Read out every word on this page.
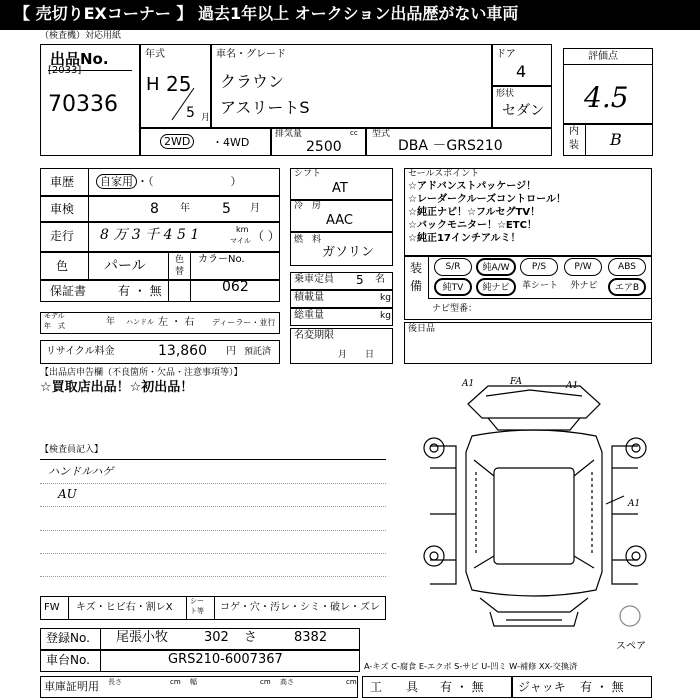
【 売切りEXコーナー 】 過去1年以上 オークション出品歴がない車両
（検査機）対応用紙
出品No.
[2033]
70336
年式
H 25
5 月
車名・グレード
クラウン
アスリートS
ドア
4
形状
セダン
評価点
4.5
内
装 B
2WD	・4WD
排気量	cc
2500
型式
DBA －GRS210
車歴	自家用 ・（　　　　　　　）
車検	8 年 5 月
走行 8 万 3 千 4 5 1	km
マイル （ ）
色	パール	色
替
カラーNo.
062
保証書	有 ・ 無
モデル
年　式	年 ハンドル 左 ・ 右 ディーラー・並行
リサイクル料金	13,860 円 預託済
シフト
AT
冷　房
AAC
燃　料
ガソリン
乗車定員 5 名
積載量	kg
総重量	kg
名変期限
月　　日
セールスポイント
☆アドバンストパッケージ！
☆レーダークルーズコントロール！
☆純正ナビ！☆フルセグTV！
☆バックモニター！☆ETC！
☆純正17インチアルミ！
装
備
S/R	純A/W	P/S	P/W	ABS
純TV	純ナビ	革シート	外ナビ	エアB
ナビ型番：
後日品
【出品店申告欄（不良箇所・欠品・注意事項等）】
☆買取店出品！☆初出品！
【検査員記入】
ハンドルハゲ
AU
A1	FA	A1
A1
スペア
FW キズ・ヒビ右・割レX
シー
ト等 コゲ・穴・汚レ・シミ・破レ・ズレ
登録No. 尾張小牧	302 さ	8382
車台No.	GRS210-6007367	A-キズ C-腐食 E-エクボ S-サビ U-凹ミ W-補修 XX-交換済
車庫証明用 長さ	cm 幅	cm 高さ	cm 工　　具 有 ・ 無	ジャッキ 有 ・ 無
